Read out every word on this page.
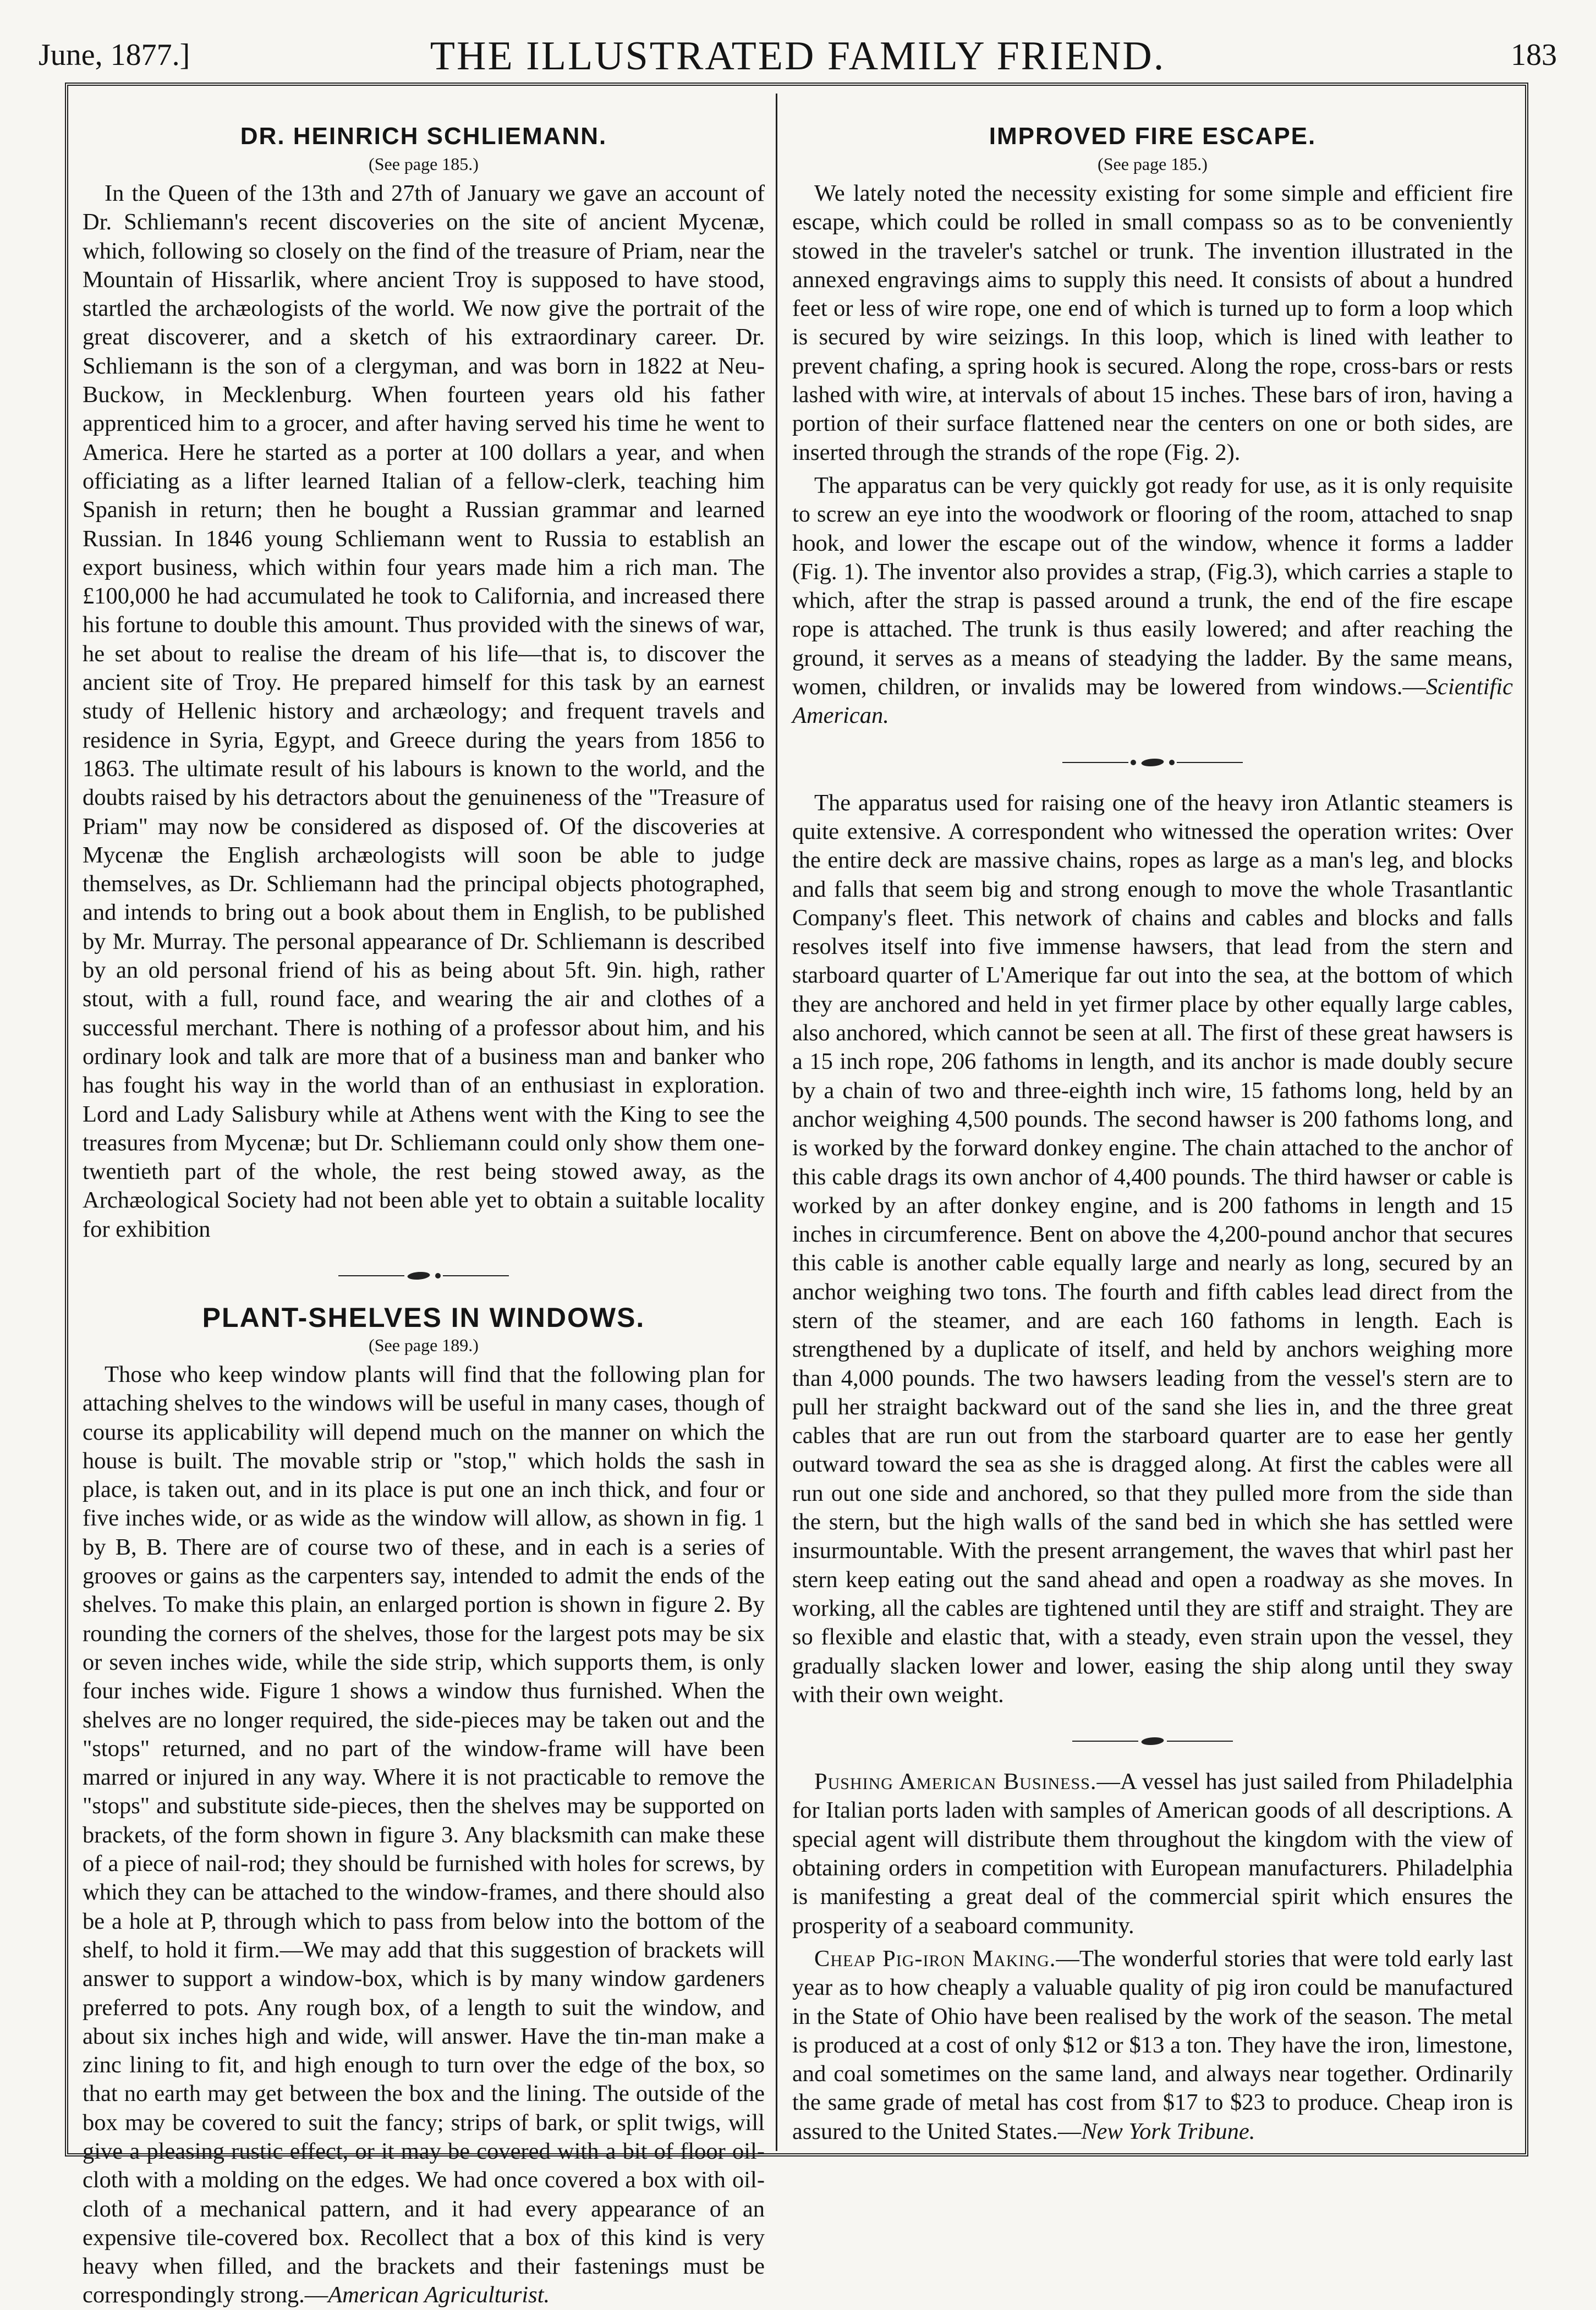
June, 1877.]	THE ILLUSTRATED FAMILY FRIEND.	183
DR. HEINRICH SCHLIEMANN.
(See page 185.)

In the Queen of the 13th and 27th of January we gave an account of Dr. Schliemann's recent discoveries on the site of ancient Mycenæ, which, following so closely on the find of the treasure of Priam, near the Mountain of Hissarlik, where ancient Troy is supposed to have stood, startled the archæologists of the world. We now give the portrait of the great discoverer, and a sketch of his extraordinary career. Dr. Schliemann is the son of a clergyman, and was born in 1822 at Neu-Buckow, in Mecklenburg. When fourteen years old his father apprenticed him to a grocer, and after having served his time he went to America. Here he started as a porter at 100 dollars a year, and when officiating as a lifter learned Italian of a fellow-clerk, teaching him Spanish in return; then he bought a Russian grammar and learned Russian. In 1846 young Schliemann went to Russia to establish an export business, which within four years made him a rich man. The £100,000 he had accumulated he took to California, and increased there his fortune to double this amount. Thus provided with the sinews of war, he set about to realise the dream of his life—that is, to discover the ancient site of Troy. He prepared himself for this task by an earnest study of Hellenic history and archæology; and frequent travels and residence in Syria, Egypt, and Greece during the years from 1856 to 1863. The ultimate result of his labours is known to the world, and the doubts raised by his detractors about the genuineness of the "Treasure of Priam" may now be considered as disposed of. Of the discoveries at Mycenæ the English archæologists will soon be able to judge themselves, as Dr. Schliemann had the principal objects photographed, and intends to bring out a book about them in English, to be published by Mr. Murray. The personal appearance of Dr. Schliemann is described by an old personal friend of his as being about 5ft. 9in. high, rather stout, with a full, round face, and wearing the air and clothes of a successful merchant. There is nothing of a professor about him, and his ordinary look and talk are more that of a business man and banker who has fought his way in the world than of an enthusiast in exploration. Lord and Lady Salisbury while at Athens went with the King to see the treasures from Mycenæ; but Dr. Schliemann could only show them one-twentieth part of the whole, the rest being stowed away, as the Archæological Society had not been able yet to obtain a suitable locality for exhibition

PLANT-SHELVES IN WINDOWS.
(See page 189.)

Those who keep window plants will find that the following plan for attaching shelves to the windows will be useful in many cases, though of course its applicability will depend much on the manner on which the house is built. The movable strip or "stop," which holds the sash in place, is taken out, and in its place is put one an inch thick, and four or five inches wide, or as wide as the window will allow, as shown in fig. 1 by B, B. There are of course two of these, and in each is a series of grooves or gains as the carpenters say, intended to admit the ends of the shelves. To make this plain, an enlarged portion is shown in figure 2. By rounding the corners of the shelves, those for the largest pots may be six or seven inches wide, while the side strip, which supports them, is only four inches wide. Figure 1 shows a window thus furnished. When the shelves are no longer required, the side-pieces may be taken out and the "stops" returned, and no part of the window-frame will have been marred or injured in any way. Where it is not practicable to remove the "stops" and substitute side-pieces, then the shelves may be supported on brackets, of the form shown in figure 3. Any blacksmith can make these of a piece of nail-rod; they should be furnished with holes for screws, by which they can be attached to the window-frames, and there should also be a hole at P, through which to pass from below into the bottom of the shelf, to hold it firm.—We may add that this suggestion of brackets will answer to support a window-box, which is by many window gardeners preferred to pots. Any rough box, of a length to suit the window, and about six inches high and wide, will answer. Have the tin-man make a zinc lining to fit, and high enough to turn over the edge of the box, so that no earth may get between the box and the lining. The outside of the box may be covered to suit the fancy; strips of bark, or split twigs, will give a pleasing rustic effect, or it may be covered with a bit of floor oil-cloth with a molding on the edges. We had once covered a box with oil-cloth of a mechanical pattern, and it had every appearance of an expensive tile-covered box. Recollect that a box of this kind is very heavy when filled, and the brackets and their fastenings must be correspondingly strong.—American Agriculturist.

IMPROVED FIRE ESCAPE.
(See page 185.)

We lately noted the necessity existing for some simple and efficient fire escape, which could be rolled in small compass so as to be conveniently stowed in the traveler's satchel or trunk. The invention illustrated in the annexed engravings aims to supply this need. It consists of about a hundred feet or less of wire rope, one end of which is turned up to form a loop which is secured by wire seizings. In this loop, which is lined with leather to prevent chafing, a spring hook is secured. Along the rope, cross-bars or rests lashed with wire, at intervals of about 15 inches. These bars of iron, having a portion of their surface flattened near the centers on one or both sides, are inserted through the strands of the rope (Fig. 2).

The apparatus can be very quickly got ready for use, as it is only requisite to screw an eye into the woodwork or flooring of the room, attached to snap hook, and lower the escape out of the window, whence it forms a ladder (Fig. 1). The inventor also provides a strap, (Fig.3), which carries a staple to which, after the strap is passed around a trunk, the end of the fire escape rope is attached. The trunk is thus easily lowered; and after reaching the ground, it serves as a means of steadying the ladder. By the same means, women, children, or invalids may be lowered from windows.—Scientific American.

The apparatus used for raising one of the heavy iron Atlantic steamers is quite extensive. A correspondent who witnessed the operation writes: Over the entire deck are massive chains, ropes as large as a man's leg, and blocks and falls that seem big and strong enough to move the whole Trasantlantic Company's fleet. This network of chains and cables and blocks and falls resolves itself into five immense hawsers, that lead from the stern and starboard quarter of L'Amerique far out into the sea, at the bottom of which they are anchored and held in yet firmer place by other equally large cables, also anchored, which cannot be seen at all. The first of these great hawsers is a 15 inch rope, 206 fathoms in length, and its anchor is made doubly secure by a chain of two and three-eighth inch wire, 15 fathoms long, held by an anchor weighing 4,500 pounds. The second hawser is 200 fathoms long, and is worked by the forward donkey engine. The chain attached to the anchor of this cable drags its own anchor of 4,400 pounds. The third hawser or cable is worked by an after donkey engine, and is 200 fathoms in length and 15 inches in circumference. Bent on above the 4,200-pound anchor that secures this cable is another cable equally large and nearly as long, secured by an anchor weighing two tons. The fourth and fifth cables lead direct from the stern of the steamer, and are each 160 fathoms in length. Each is strengthened by a duplicate of itself, and held by anchors weighing more than 4,000 pounds. The two hawsers leading from the vessel's stern are to pull her straight backward out of the sand she lies in, and the three great cables that are run out from the starboard quarter are to ease her gently outward toward the sea as she is dragged along. At first the cables were all run out one side and anchored, so that they pulled more from the side than the stern, but the high walls of the sand bed in which she has settled were insurmountable. With the present arrangement, the waves that whirl past her stern keep eating out the sand ahead and open a roadway as she moves. In working, all the cables are tightened until they are stiff and straight. They are so flexible and elastic that, with a steady, even strain upon the vessel, they gradually slacken lower and lower, easing the ship along until they sway with their own weight.

Pushing American Business.—A vessel has just sailed from Philadelphia for Italian ports laden with samples of American goods of all descriptions. A special agent will distribute them throughout the kingdom with the view of obtaining orders in competition with European manufacturers. Philadelphia is manifesting a great deal of the commercial spirit which ensures the prosperity of a seaboard community.

Cheap Pig-iron Making.—The wonderful stories that were told early last year as to how cheaply a valuable quality of pig iron could be manufactured in the State of Ohio have been realised by the work of the season. The metal is produced at a cost of only $12 or $13 a ton. They have the iron, limestone, and coal sometimes on the same land, and always near together. Ordinarily the same grade of metal has cost from $17 to $23 to produce. Cheap iron is assured to the United States.—New York Tribune.
